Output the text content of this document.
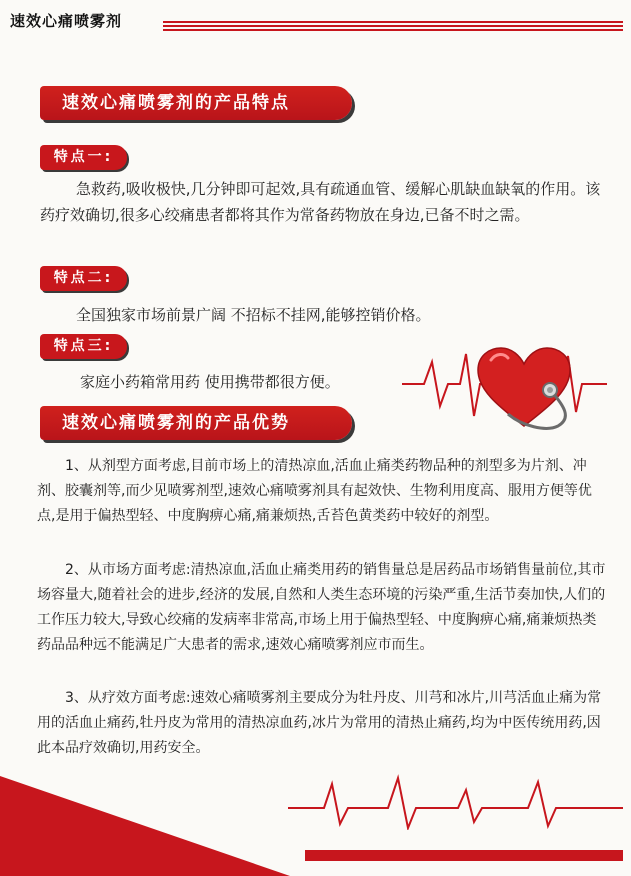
速效心痛喷雾剂
速效心痛喷雾剂的产品特点
特点一:
急救药,吸收极快,几分钟即可起效,具有疏通血管、缓解心肌缺血缺氧的作用。该药疗效确切,很多心绞痛患者都将其作为常备药物放在身边,已备不时之需。
特点二:
全国独家市场前景广阔 不招标不挂网,能够控销价格。
特点三:
家庭小药箱常用药 使用携带都很方便。
速效心痛喷雾剂的产品优势
1、从剂型方面考虑,目前市场上的清热凉血,活血止痛类药物品种的剂型多为片剂、冲剂、胶囊剂等,而少见喷雾剂型,速效心痛喷雾剂具有起效快、生物利用度高、服用方便等优点,是用于偏热型轻、中度胸痹心痛,痛兼烦热,舌苔色黄类药中较好的剂型。
2、从市场方面考虑:清热凉血,活血止痛类用药的销售量总是居药品市场销售量前位,其市场容量大,随着社会的进步,经济的发展,自然和人类生态环境的污染严重,生活节奏加快,人们的工作压力较大,导致心绞痛的发病率非常高,市场上用于偏热型轻、中度胸痹心痛,痛兼烦热类药品品种远不能满足广大患者的需求,速效心痛喷雾剂应市而生。
3、从疗效方面考虑:速效心痛喷雾剂主要成分为牡丹皮、川芎和冰片,川芎活血止痛为常用的活血止痛药,牡丹皮为常用的清热凉血药,冰片为常用的清热止痛药,均为中医传统用药,因此本品疗效确切,用药安全。
